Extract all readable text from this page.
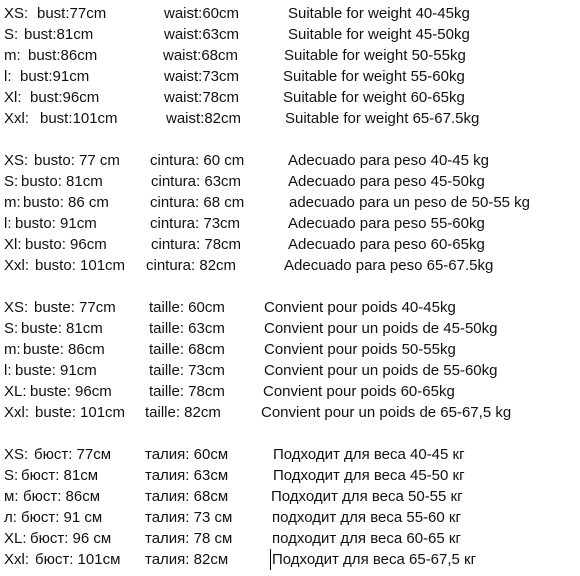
XS: bust:77cm	waist:60cm	Suitable for weight 40-45kg
S: bust:81cm	waist:63cm	Suitable for weight 45-50kg
m: bust:86cm	waist:68cm	Suitable for weight 50-55kg
l: bust:91cm	waist:73cm	Suitable for weight 55-60kg
Xl: bust:96cm	waist:78cm	Suitable for weight 60-65kg
Xxl: bust:101cm	waist:82cm	Suitable for weight 65-67.5kg
XS: busto: 77 cm cintura: 60 cm	Adecuado para peso 40-45 kg
S: busto: 81cm	cintura: 63cm	Adecuado para peso 45-50kg
m: busto: 86 cm	cintura: 68 cm	adecuado para un peso de 50-55 kg
l: busto: 91cm	cintura: 73cm	Adecuado para peso 55-60kg
Xl: busto: 96cm	cintura: 78cm	Adecuado para peso 60-65kg
Xxl: busto: 101cm cintura: 82cm	Adecuado para peso 65-67.5kg
XS: buste: 77cm taille: 60cm	Convient pour poids 40-45kg
S: buste: 81cm	taille: 63cm	Convient pour un poids de 45-50kg
m: buste: 86cm	taille: 68cm	Convient pour poids 50-55kg
l: buste: 91cm	taille: 73cm	Convient pour un poids de 55-60kg
XL: buste: 96cm taille: 78cm	Convient pour poids 60-65kg
Xxl: buste: 101cm taille: 82cm	Convient pour un poids de 65-67,5 kg
XS: бюст: 77см талия: 60см	Подходит для веса 40-45 кг
S: бюст: 81см	талия: 63см	Подходит для веса 45-50 кг
м: бюст: 86см	талия: 68см	Подходит для веса 50-55 кг
л: бюст: 91 см	талия: 73 см	подходит для веса 55-60 кг
XL: бюст: 96 см талия: 78 см	подходит для веса 60-65 кг
Xxl: бюст: 101см талия: 82см	Подходит для веса 65-67,5 кг
